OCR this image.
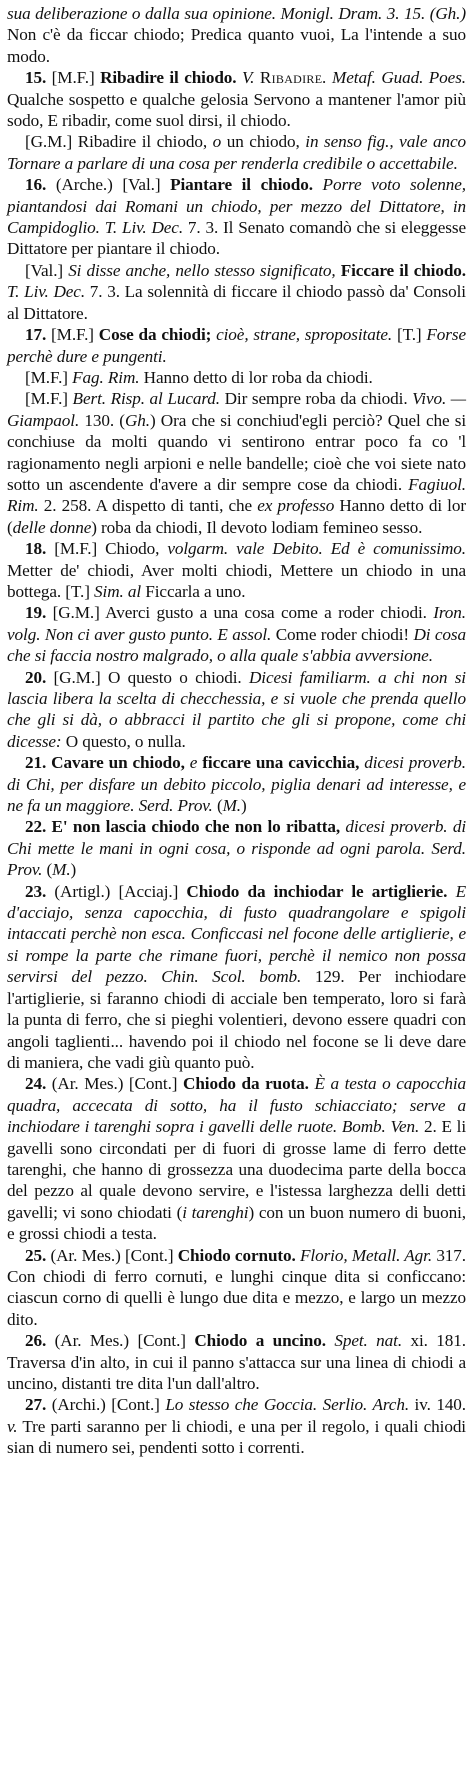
sua deliberazione o dalla sua opinione. Monigl. Dram. 3. 15. (Gh.) Non c'è da ficcar chiodo; Predica quanto vuoi, La l'intende a suo modo.

15. [M.F.] Ribadire il chiodo. V. Ribadire. Metaf. Guad. Poes. Qualche sospetto e qualche gelosia Servono a mantener l'amor più sodo, E ribadir, come suol dirsi, il chiodo.

[G.M.] Ribadire il chiodo, o un chiodo, in senso fig., vale anco Tornare a parlare di una cosa per renderla credibile o accettabile.

16. (Arche.) [Val.] Piantare il chiodo. Porre voto solenne, piantandosi dai Romani un chiodo, per mezzo del Dittatore, in Campidoglio. T. Liv. Dec. 7. 3. Il Senato comandò che si eleggesse Dittatore per piantare il chiodo.

[Val.] Si disse anche, nello stesso significato, Ficcare il chiodo. T. Liv. Dec. 7. 3. La solennità di ficcare il chiodo passò da' Consoli al Dittatore.

17. [M.F.] Cose da chiodi; cioè, strane, spropositate. [T.] Forse perchè dure e pungenti.

[M.F.] Fag. Rim. Hanno detto di lor roba da chiodi.

[M.F.] Bert. Risp. al Lucard. Dir sempre roba da chiodi. Vivo. — Giampaol. 130. (Gh.) Ora che si conchiud'egli perciò? Quel che si conchiuse da molti quando vi sentirono entrar poco fa co 'l ragionamento negli arpioni e nelle bandelle; cioè che voi siete nato sotto un ascendente d'avere a dir sempre cose da chiodi. Fagiuol. Rim. 2. 258. A dispetto di tanti, che ex professo Hanno detto di lor (delle donne) roba da chiodi, Il devoto lodiam femineo sesso.

18. [M.F.] Chiodo, volgarm. vale Debito. Ed è comunissimo. Metter de' chiodi, Aver molti chiodi, Mettere un chiodo in una bottega. [T.] Sim. al Ficcarla a uno.

19. [G.M.] Averci gusto a una cosa come a roder chiodi. Iron. volg. Non ci aver gusto punto. E assol. Come roder chiodi! Di cosa che si faccia nostro malgrado, o alla quale s'abbia avversione.

20. [G.M.] O questo o chiodi. Dicesi familiarm. a chi non si lascia libera la scelta di checchessia, e si vuole che prenda quello che gli si dà, o abbracci il partito che gli si propone, come chi dicesse: O questo, o nulla.

21. Cavare un chiodo, e ficcare una cavicchia, dicesi proverb. di Chi, per disfare un debito piccolo, piglia denari ad interesse, e ne fa un maggiore. Serd. Prov. (M.)

22. E' non lascia chiodo che non lo ribatta, dicesi proverb. di Chi mette le mani in ogni cosa, o risponde ad ogni parola. Serd. Prov. (M.)

23. (Artigl.) [Acciaj.] Chiodo da inchiodar le artiglierie. E d'acciajo, senza capocchia, di fusto quadrangolare e spigoli intaccati perchè non esca. Conficcasi nel focone delle artiglierie, e si rompe la parte che rimane fuori, perchè il nemico non possa servirsi del pezzo. Chin. Scol. bomb. 129. Per inchiodare l'artiglierie, si faranno chiodi di acciale ben temperato, loro si farà la punta di ferro, che si pieghi volentieri, devono essere quadri con angoli taglienti... havendo poi il chiodo nel focone se li deve dare di maniera, che vadi giù quanto può.

24. (Ar. Mes.) [Cont.] Chiodo da ruota. È a testa o capocchia quadra, accecata di sotto, ha il fusto schiacciato; serve a inchiodare i tarenghi sopra i gavelli delle ruote. Bomb. Ven. 2. E li gavelli sono circondati per di fuori di grosse lame di ferro dette tarenghi, che hanno di grossezza una duodecima parte della bocca del pezzo al quale devono servire, e l'istessa larghezza delli detti gavelli; vi sono chiodati (i tarenghi) con un buon numero di buoni, e grossi chiodi a testa.

25. (Ar. Mes.) [Cont.] Chiodo cornuto. Florio, Metall. Agr. 317. Con chiodi di ferro cornuti, e lunghi cinque dita si conficcano: ciascun corno di quelli è lungo due dita e mezzo, e largo un mezzo dito.

26. (Ar. Mes.) [Cont.] Chiodo a uncino. Spet. nat. xi. 181. Traversa d'in alto, in cui il panno s'attacca sur una linea di chiodi a uncino, distanti tre dita l'un dall'altro.

27. (Archi.) [Cont.] Lo stesso che Goccia. Serlio. Arch. iv. 140. v. Tre parti saranno per li chiodi, e una per il regolo, i quali chiodi sian di numero sei, pendenti sotto i correnti.
